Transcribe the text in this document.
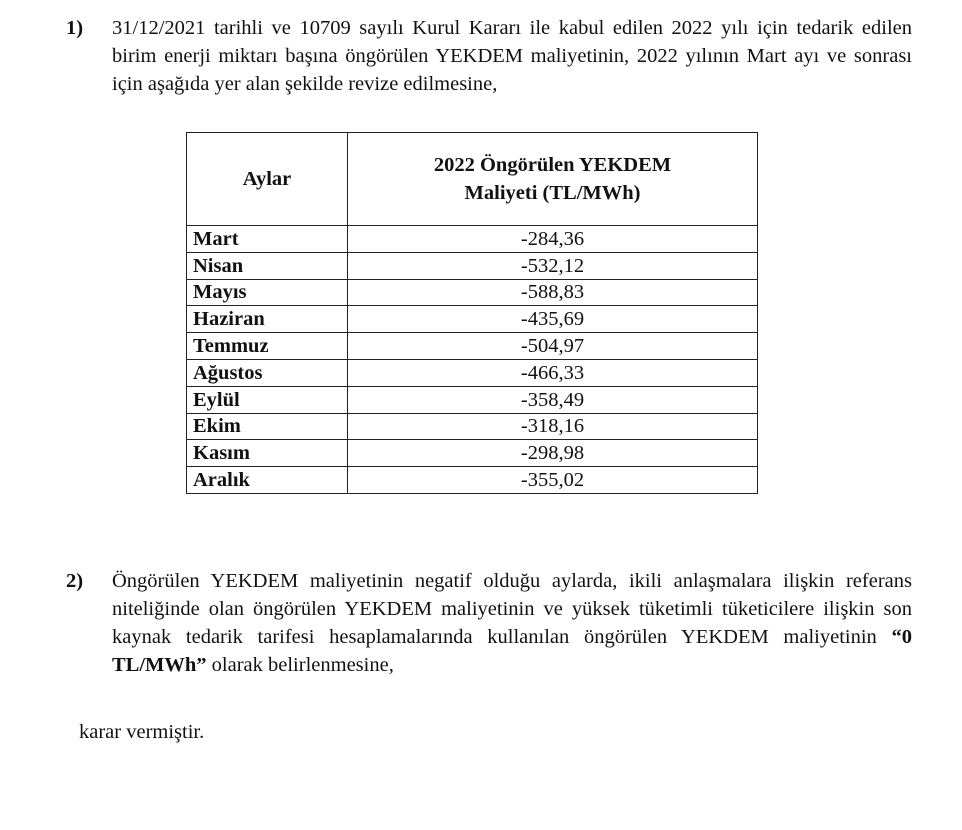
1)	31/12/2021 tarihli ve 10709 sayılı Kurul Kararı ile kabul edilen 2022 yılı için tedarik edilen birim enerji miktarı başına öngörülen YEKDEM maliyetinin, 2022 yılının Mart ayı ve sonrası için aşağıda yer alan şekilde revize edilmesine,
Aylar	2022 Öngörülen YEKDEM
Maliyeti (TL/MWh)
Mart	-284,36
Nisan	-532,12
Mayıs	-588,83
Haziran	-435,69
Temmuz	-504,97
Ağustos	-466,33
Eylül	-358,49
Ekim	-318,16
Kasım	-298,98
Aralık	-355,02
2)	Öngörülen YEKDEM maliyetinin negatif olduğu aylarda, ikili anlaşmalara ilişkin referans niteliğinde olan öngörülen YEKDEM maliyetinin ve yüksek tüketimli tüketicilere ilişkin son kaynak tedarik tarifesi hesaplamalarında kullanılan öngörülen YEKDEM maliyetinin “0 TL/MWh” olarak belirlenmesine,
karar vermiştir.
